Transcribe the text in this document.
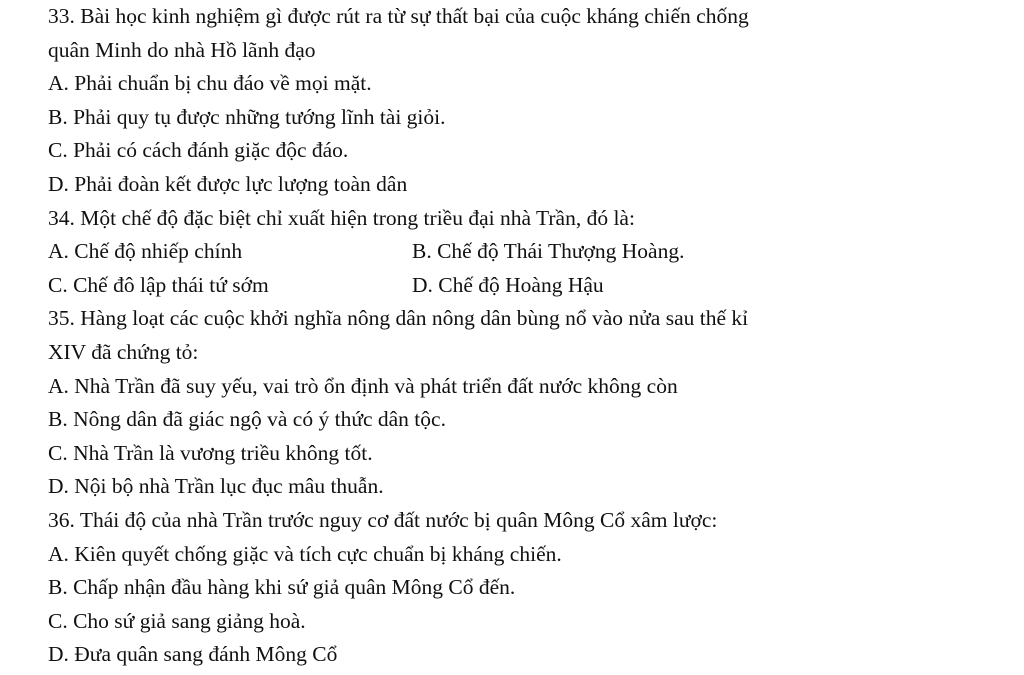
33. Bài học kinh nghiệm gì được rút ra từ sự thất bại của cuộc kháng chiến chống
quân Minh do nhà Hồ lãnh đạo
A. Phải chuẩn bị chu đáo về mọi mặt.
B. Phải quy tụ được những tướng lĩnh tài giỏi.
C. Phải có cách đánh giặc độc đáo.
D. Phải đoàn kết được lực lượng toàn dân
34. Một chế độ đặc biệt chỉ xuất hiện trong triều đại nhà Trần, đó là:
A. Chế độ nhiếp chính	B. Chế độ Thái Thượng Hoàng.
C. Chế đô lập thái tứ sớm	D. Chế độ Hoàng Hậu
35. Hàng loạt các cuộc khởi nghĩa nông dân nông dân bùng nổ vào nửa sau thế kỉ
XIV đã chứng tỏ:
A. Nhà Trần đã suy yếu, vai trò ổn định và phát triển đất nước không còn
B. Nông dân đã giác ngộ và có ý thức dân tộc.
C. Nhà Trần là vương triều không tốt.
D. Nội bộ nhà Trần lục đục mâu thuẫn.
36. Thái độ của nhà Trần trước nguy cơ đất nước bị quân Mông Cổ xâm lược:
A. Kiên quyết chống giặc và tích cực chuẩn bị kháng chiến.
B. Chấp nhận đầu hàng khi sứ giả quân Mông Cổ đến.
C. Cho sứ giả sang giảng hoà.
D. Đưa quân sang đánh Mông Cổ
